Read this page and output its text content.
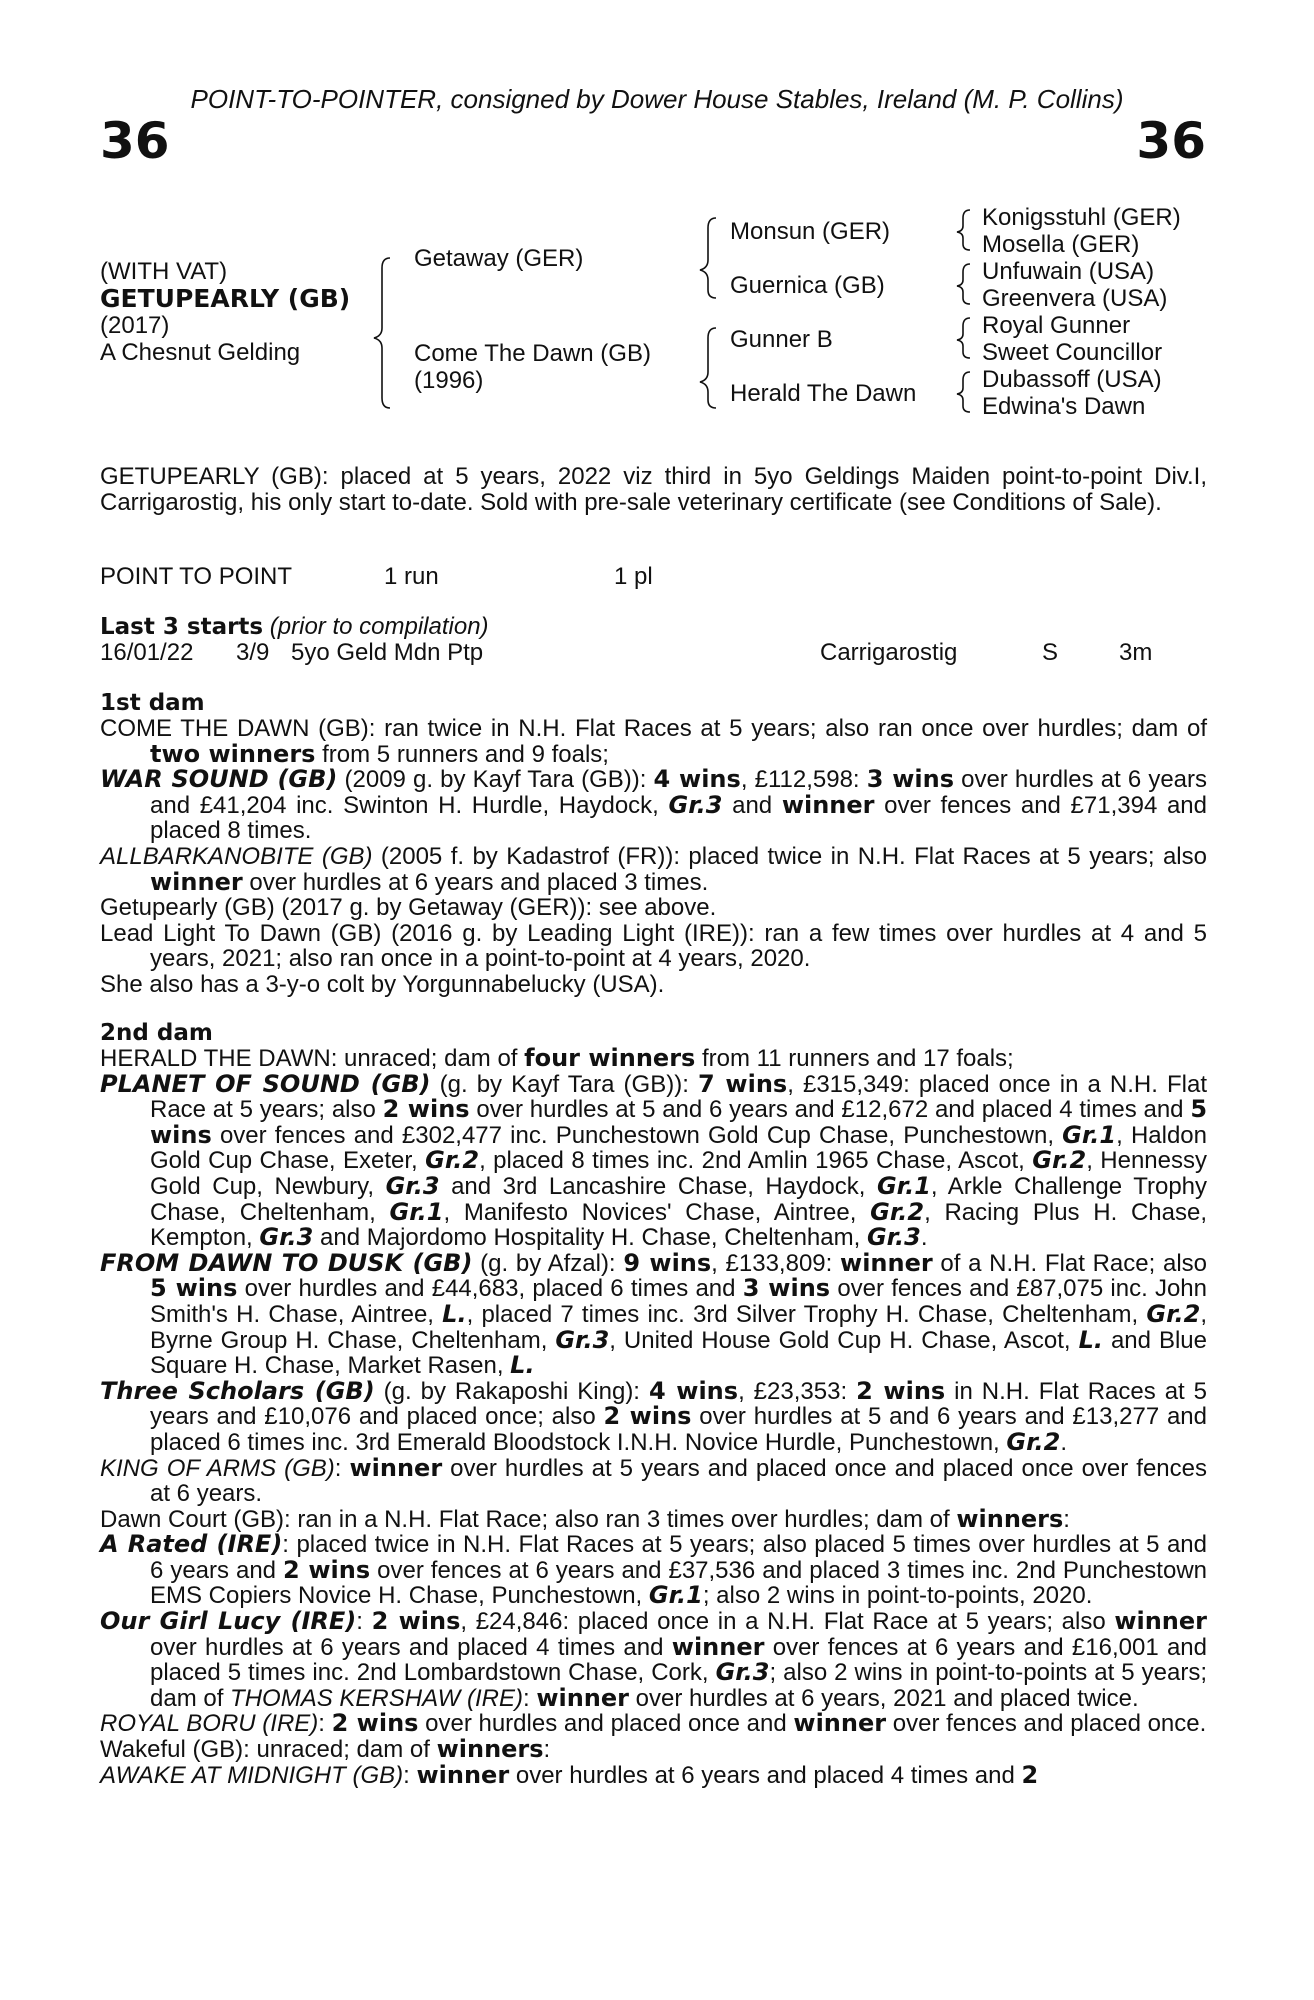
POINT-TO-POINTER, consigned by Dower House Stables, Ireland (M. P. Collins)
36	36
(WITH VAT)
GETUPEARLY (GB)
(2017)
A Chesnut Gelding
Getaway (GER)
Come The Dawn (GB)
(1996)
Monsun (GER)
Guernica (GB)
Gunner B
Herald The Dawn
Konigsstuhl (GER)
Mosella (GER)
Unfuwain (USA)
Greenvera (USA)
Royal Gunner
Sweet Councillor
Dubassoff (USA)
Edwina's Dawn

GETUPEARLY (GB): placed at 5 years, 2022 viz third in 5yo Geldings Maiden point-to-point Div.I, Carrigarostig, his only start to-date. Sold with pre-sale veterinary certificate (see Conditions of Sale).

POINT TO POINT	1 run	1 pl
Last 3 starts (prior to compilation)
16/01/22 3/9 5yo Geld Mdn Ptp	Carrigarostig	S	3m
1st dam

COME THE DAWN (GB): ran twice in N.H. Flat Races at 5 years; also ran once over hurdles; dam of two winners from 5 runners and 9 foals;

WAR SOUND (GB) (2009 g. by Kayf Tara (GB)): 4 wins, £112,598: 3 wins over hurdles at 6 years and £41,204 inc. Swinton H. Hurdle, Haydock, Gr.3 and winner over fences and £71,394 and placed 8 times.

ALLBARKANOBITE (GB) (2005 f. by Kadastrof (FR)): placed twice in N.H. Flat Races at 5 years; also winner over hurdles at 6 years and placed 3 times.

Getupearly (GB) (2017 g. by Getaway (GER)): see above.

Lead Light To Dawn (GB) (2016 g. by Leading Light (IRE)): ran a few times over hurdles at 4 and 5 years, 2021; also ran once in a point-to-point at 4 years, 2020.

She also has a 3-y-o colt by Yorgunnabelucky (USA).

2nd dam

HERALD THE DAWN: unraced; dam of four winners from 11 runners and 17 foals;

PLANET OF SOUND (GB) (g. by Kayf Tara (GB)): 7 wins, £315,349: placed once in a N.H. Flat Race at 5 years; also 2 wins over hurdles at 5 and 6 years and £12,672 and placed 4 times and 5 wins over fences and £302,477 inc. Punchestown Gold Cup Chase, Punchestown, Gr.1, Haldon Gold Cup Chase, Exeter, Gr.2, placed 8 times inc. 2nd Amlin 1965 Chase, Ascot, Gr.2, Hennessy Gold Cup, Newbury, Gr.3 and 3rd Lancashire Chase, Haydock, Gr.1, Arkle Challenge Trophy Chase, Cheltenham, Gr.1, Manifesto Novices' Chase, Aintree, Gr.2, Racing Plus H. Chase, Kempton, Gr.3 and Majordomo Hospitality H. Chase, Cheltenham, Gr.3.

FROM DAWN TO DUSK (GB) (g. by Afzal): 9 wins, £133,809: winner of a N.H. Flat Race; also 5 wins over hurdles and £44,683, placed 6 times and 3 wins over fences and £87,075 inc. John Smith's H. Chase, Aintree, L., placed 7 times inc. 3rd Silver Trophy H. Chase, Cheltenham, Gr.2, Byrne Group H. Chase, Cheltenham, Gr.3, United House Gold Cup H. Chase, Ascot, L. and Blue Square H. Chase, Market Rasen, L.

Three Scholars (GB) (g. by Rakaposhi King): 4 wins, £23,353: 2 wins in N.H. Flat Races at 5 years and £10,076 and placed once; also 2 wins over hurdles at 5 and 6 years and £13,277 and placed 6 times inc. 3rd Emerald Bloodstock I.N.H. Novice Hurdle, Punchestown, Gr.2.

KING OF ARMS (GB): winner over hurdles at 5 years and placed once and placed once over fences at 6 years.

Dawn Court (GB): ran in a N.H. Flat Race; also ran 3 times over hurdles; dam of winners:

A Rated (IRE): placed twice in N.H. Flat Races at 5 years; also placed 5 times over hurdles at 5 and 6 years and 2 wins over fences at 6 years and £37,536 and placed 3 times inc. 2nd Punchestown EMS Copiers Novice H. Chase, Punchestown, Gr.1; also 2 wins in point-to-points, 2020.

Our Girl Lucy (IRE): 2 wins, £24,846: placed once in a N.H. Flat Race at 5 years; also winner over hurdles at 6 years and placed 4 times and winner over fences at 6 years and £16,001 and placed 5 times inc. 2nd Lombardstown Chase, Cork, Gr.3; also 2 wins in point-to-points at 5 years; dam of THOMAS KERSHAW (IRE): winner over hurdles at 6 years, 2021 and placed twice.

ROYAL BORU (IRE): 2 wins over hurdles and placed once and winner over fences and placed once.

Wakeful (GB): unraced; dam of winners:

AWAKE AT MIDNIGHT (GB): winner over hurdles at 6 years and placed 4 times and 2
